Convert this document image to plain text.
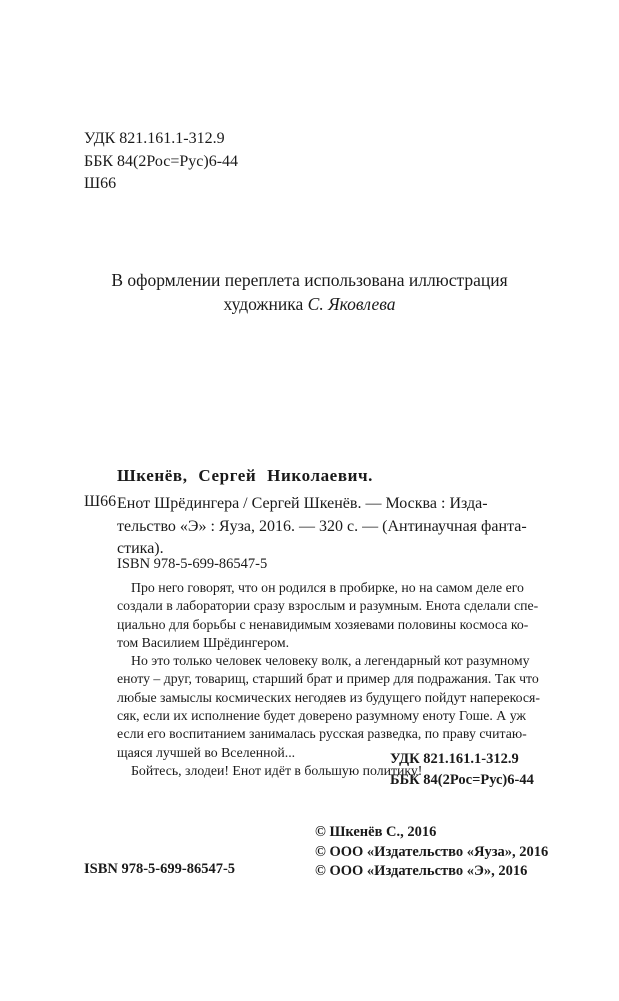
УДК 821.161.1-312.9
ББК 84(2Рос=Рус)6-44
Ш66
В оформлении переплета использована иллюстрация
художника С. Яковлева
Шкенёв, Сергей Николаевич.
Ш66 Енот Шрёдингера / Сергей Шкенёв. — Москва : Изда-
тельство «Э» : Яуза, 2016. — 320 с. — (Антинаучная фанта-
стика).
ISBN 978-5-699-86547-5

Про него говорят, что он родился в пробирке, но на самом деле его
создали в лаборатории сразу взрослым и разумным. Енота сделали спе-
циально для борьбы с ненавидимым хозяевами половины космоса ко-
том Василием Шрёдингером.

Но это только человек человеку волк, а легендарный кот разумному
еноту – друг, товарищ, старший брат и пример для подражания. Так что
любые замыслы космических негодяев из будущего пойдут наперекося-
сяк, если их исполнение будет доверено разумному еноту Гоше. А уж
если его воспитанием занималась русская разведка, по праву считаю-
щаяся лучшей во Вселенной...

Бойтесь, злодеи! Енот идёт в большую политику!

УДК 821.161.1-312.9
ББК 84(2Рос=Рус)6-44
© Шкенёв С., 2016
© ООО «Издательство «Яуза», 2016
© ООО «Издательство «Э», 2016
ISBN 978-5-699-86547-5
